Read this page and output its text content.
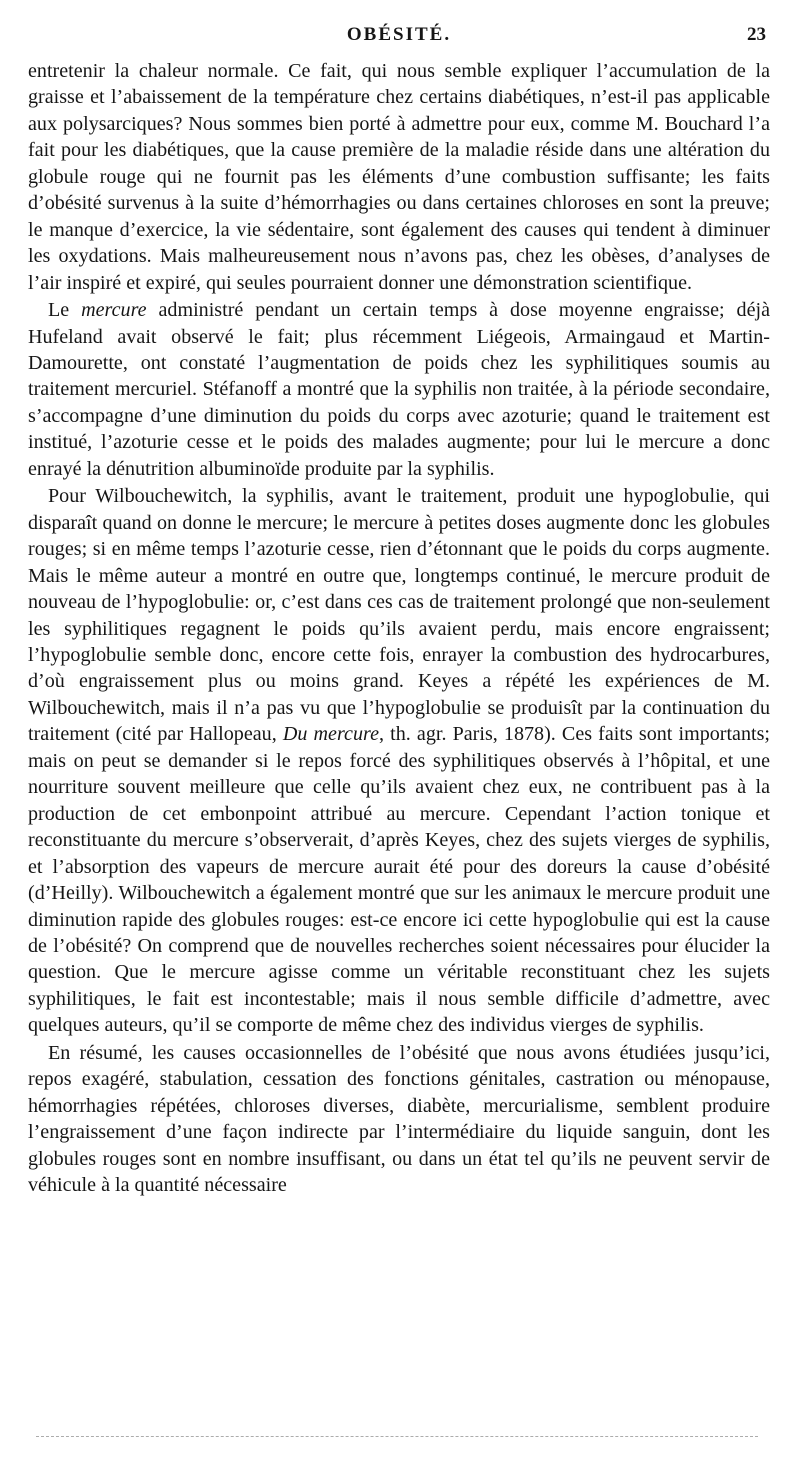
OBÉSITÉ.	23

entretenir la chaleur normale. Ce fait, qui nous semble expliquer l’accumulation de la graisse et l’abaissement de la température chez certains diabétiques, n’est-il pas applicable aux polysarciques? Nous sommes bien porté à admettre pour eux, comme M. Bouchard l’a fait pour les diabétiques, que la cause première de la maladie réside dans une altération du globule rouge qui ne fournit pas les éléments d’une combustion suffisante; les faits d’obésité survenus à la suite d’hémorrhagies ou dans certaines chloroses en sont la preuve; le manque d’exercice, la vie sédentaire, sont également des causes qui tendent à diminuer les oxydations. Mais malheureusement nous n’avons pas, chez les obèses, d’analyses de l’air inspiré et expiré, qui seules pourraient donner une démonstration scientifique.

Le mercure administré pendant un certain temps à dose moyenne engraisse; déjà Hufeland avait observé le fait; plus récemment Liégeois, Armaingaud et Martin-Damourette, ont constaté l’augmentation de poids chez les syphilitiques soumis au traitement mercuriel. Stéfanoff a montré que la syphilis non traitée, à la période secondaire, s’accompagne d’une diminution du poids du corps avec azoturie; quand le traitement est institué, l’azoturie cesse et le poids des malades augmente; pour lui le mercure a donc enrayé la dénutrition albuminoïde produite par la syphilis.

Pour Wilbouchewitch, la syphilis, avant le traitement, produit une hypoglobulie, qui disparaît quand on donne le mercure; le mercure à petites doses augmente donc les globules rouges; si en même temps l’azoturie cesse, rien d’étonnant que le poids du corps augmente. Mais le même auteur a montré en outre que, longtemps continué, le mercure produit de nouveau de l’hypoglobulie: or, c’est dans ces cas de traitement prolongé que non-seulement les syphilitiques regagnent le poids qu’ils avaient perdu, mais encore engraissent; l’hypoglobulie semble donc, encore cette fois, enrayer la combustion des hydrocarbures, d’où engraissement plus ou moins grand. Keyes a répété les expériences de M. Wilbouchewitch, mais il n’a pas vu que l’hypoglobulie se produisît par la continuation du traitement (cité par Hallopeau, Du mercure, th. agr. Paris, 1878). Ces faits sont importants; mais on peut se demander si le repos forcé des syphilitiques observés à l’hôpital, et une nourriture souvent meilleure que celle qu’ils avaient chez eux, ne contribuent pas à la production de cet embonpoint attribué au mercure. Cependant l’action tonique et reconstituante du mercure s’observerait, d’après Keyes, chez des sujets vierges de syphilis, et l’absorption des vapeurs de mercure aurait été pour des doreurs la cause d’obésité (d’Heilly). Wilbouchewitch a également montré que sur les animaux le mercure produit une diminution rapide des globules rouges: est-ce encore ici cette hypoglobulie qui est la cause de l’obésité? On comprend que de nouvelles recherches soient nécessaires pour élucider la question. Que le mercure agisse comme un véritable reconstituant chez les sujets syphilitiques, le fait est incontestable; mais il nous semble difficile d’admettre, avec quelques auteurs, qu’il se comporte de même chez des individus vierges de syphilis.

En résumé, les causes occasionnelles de l’obésité que nous avons étudiées jusqu’ici, repos exagéré, stabulation, cessation des fonctions génitales, castration ou ménopause, hémorrhagies répétées, chloroses diverses, diabète, mercurialisme, semblent produire l’engraissement d’une façon indirecte par l’intermédiaire du liquide sanguin, dont les globules rouges sont en nombre insuffisant, ou dans un état tel qu’ils ne peuvent servir de véhicule à la quantité nécessaire
